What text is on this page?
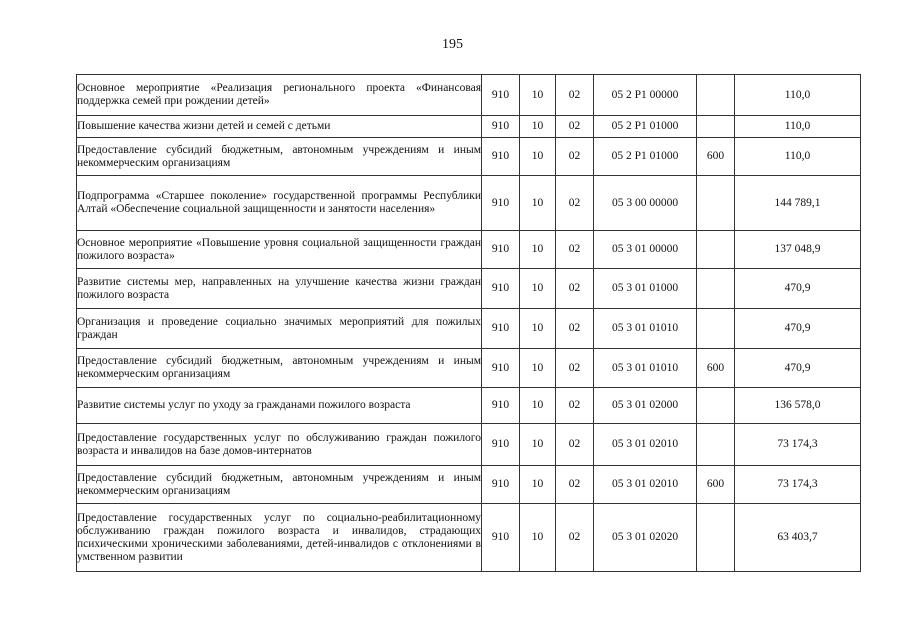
195
Основное мероприятие «Реализация регионального проекта «Финансовая поддержка семей при рождении детей»	910	10	02	05 2 Р1 00000		110,0
Повышение качества жизни детей и семей с детьми	910	10	02	05 2 Р1 01000		110,0
Предоставление субсидий бюджетным, автономным учреждениям и иным некоммерческим организациям	910	10	02	05 2 Р1 01000	600	110,0
Подпрограмма «Старшее поколение» государственной программы Республики Алтай «Обеспечение социальной защищенности и занятости населения»	910	10	02	05 3 00 00000		144 789,1
Основное мероприятие «Повышение уровня социальной защищенности граждан пожилого возраста»	910	10	02	05 3 01 00000		137 048,9
Развитие системы мер, направленных на улучшение качества жизни граждан пожилого возраста	910	10	02	05 3 01 01000		470,9
Организация и проведение социально значимых мероприятий для пожилых граждан	910	10	02	05 3 01 01010		470,9
Предоставление субсидий бюджетным, автономным учреждениям и иным некоммерческим организациям	910	10	02	05 3 01 01010	600	470,9
Развитие системы услуг по уходу за гражданами пожилого возраста	910	10	02	05 3 01 02000		136 578,0
Предоставление государственных услуг по обслуживанию граждан пожилого возраста и инвалидов на базе домов-интернатов	910	10	02	05 3 01 02010		73 174,3
Предоставление субсидий бюджетным, автономным учреждениям и иным некоммерческим организациям	910	10	02	05 3 01 02010	600	73 174,3
Предоставление государственных услуг по социально-реабилитационному обслуживанию граждан пожилого возраста и инвалидов, страдающих психическими хроническими заболеваниями, детей-инвалидов с отклонениями в умственном развитии	910	10	02	05 3 01 02020		63 403,7
